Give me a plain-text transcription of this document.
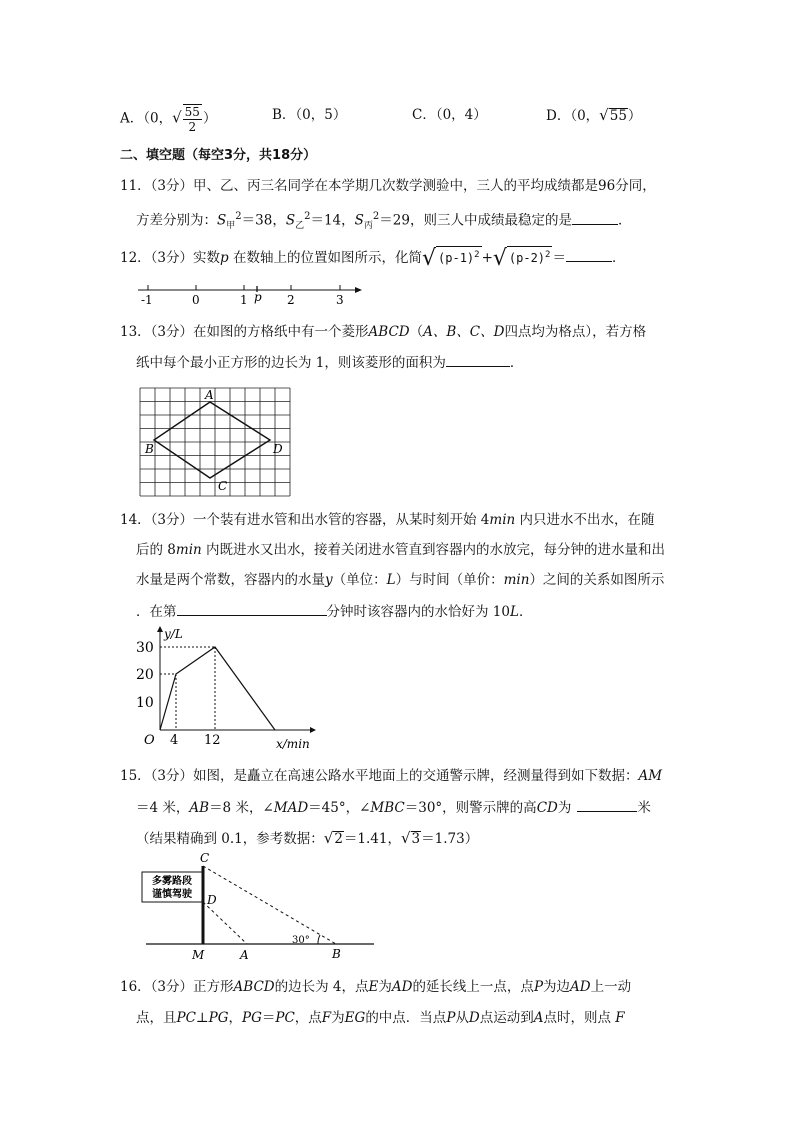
A．（0，√ $\frac{55}{2}$ ）	B．（0，5）	C．（0，4）	D．（0，√55）
二、填空题（每空3分，共18分）
11．（3分）甲、乙、丙三名同学在本学期几次数学测验中，三人的平均成绩都是96分同，
方差分别为：$S_甲^2=38$，$S_乙^2=14$，$S_丙^2=29$，则三人中成绩最稳定的是	．
12．（3分）实数p 在数轴上的位置如图所示，化简√ $(p-1)^2$ +√ $(p-2)^2$ ＝	．
-1	0	1	2	3
p
13．（3分）在如图的方格纸中有一个菱形ABCD（A、B、C、D四点均为格点），若方格
纸中每个最小正方形的边长为 1，则该菱形的面积为	．
A
B
C
D
14．（3分）一个装有进水管和出水管的容器，从某时刻开始 4min 内只进水不出水，在随
后的 8min 内既进水又出水，接着关闭进水管直到容器内的水放完，每分钟的进水量和出
水量是两个常数，容器内的水量y（单位：L）与时间（单价：min）之间的关系如图所示
．在第	分钟时该容器内的水恰好为 10L．
y/L
x/min
O
30
20
10
4 12
15．（3分）如图，是矗立在高速公路水平地面上的交通警示牌，经测量得到如下数据：AM
＝4 米，AB＝8 米，∠MAD＝45°，∠MBC＝30°，则警示牌的高CD为	米
（结果精确到 0.1，参考数据：√2＝1.41，√3＝1.73）
多雾路段
谨慎驾驶
C
D
M	A	B
30°
16．（3分）正方形ABCD的边长为 4，点E为AD的延长线上一点，点P为边AD上一动
点，且PC⊥PG，PG＝PC，点F为EG的中点．当点P从D点运动到A点时，则点 F
